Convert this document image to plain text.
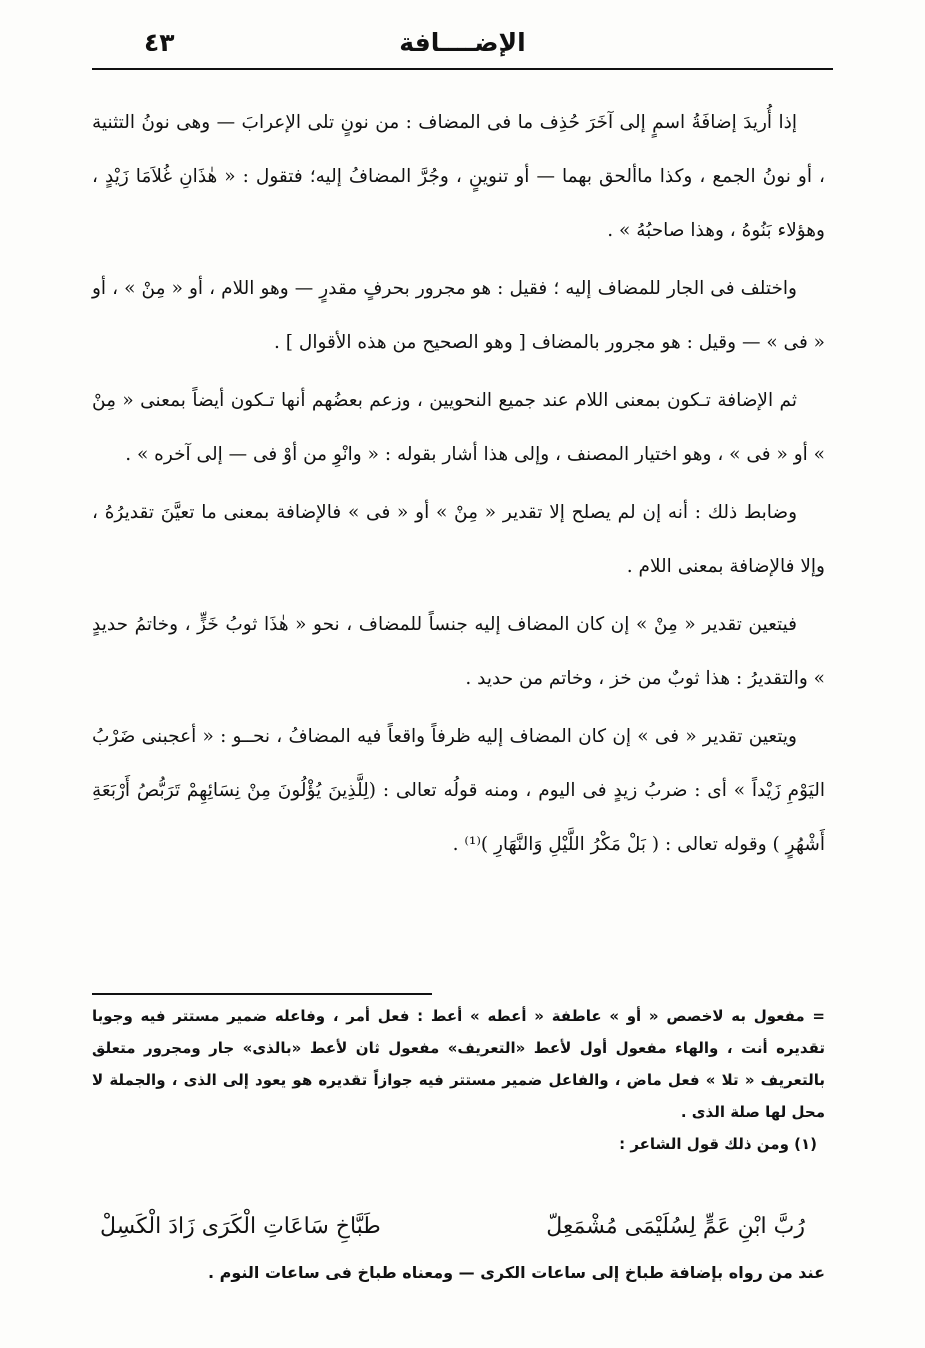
٤٣	الإضــــافة

إذا أُريدَ إضافَةُ اسمٍ إلى آخَرَ حُذِف ما فى المضاف : من نونٍ تلى الإعرابَ — وهى نونُ التثنية ، أو نونُ الجمع ، وكذا ماألحق بهما — أو تنوينٍ ، وجُرَّ المضافُ إليه؛ فتقول : « هٰذَانِ غُلاَمَا زَيْدٍ ، وهؤلاء بَنُوهُ ، وهذا صاحبُهُ » .

واختلف فى الجار للمضاف إليه ؛ فقيل : هو مجرور بحرفٍ مقدرٍ — وهو اللام ، أو « مِنْ » ، أو « فى » — وقيل : هو مجرور بالمضاف [ وهو الصحيح من هذه الأقوال ] .

ثم الإضافة تـكون بمعنى اللام عند جميع النحويين ، وزعم بعضُهم أنها تـكون أيضاً بمعنى « مِنْ » أو « فى » ، وهو اختيار المصنف ، وإلى هذا أشار بقوله : « وانْوِ من أوْ فى — إلى آخره » .

وضابط ذلك : أنه إن لم يصلح إلا تقدير « مِنْ » أو « فى » فالإضافة بمعنى ما تعيَّنَ تقديرُهُ ، وإلا فالإضافة بمعنى اللام .

فيتعين تقدير « مِنْ » إن كان المضاف إليه جنساً للمضاف ، نحو « هٰذَا ثوبُ خَزٍّ ، وخاتمُ حديدٍ » والتقديرُ : هذا ثوبٌ من خز ، وخاتم من حديد .

ويتعين تقدير « فى » إن كان المضاف إليه ظرفاً واقعاً فيه المضافُ ، نحــو : « أعجبنى ضَرْبُ اليَوْمِ زَيْداً » أى : ضربُ زيدٍ فى اليوم ، ومنه قولُه تعالى : (لِلَّذِينَ يُؤْلُونَ مِنْ نِسَائِهِمْ تَرَبُّصُ أَرْبَعَةِ أَشْهُرٍ ) وقوله تعالى : ( بَلْ مَكْرُ اللَّيْلِ وَالنَّهَارِ )⁽¹⁾ .

= مفعول به لاخصص « أو » عاطفة « أعطه » أعط : فعل أمر ، وفاعله ضمير مستتر فيه وجوبا تقديره أنت ، والهاء مفعول أول لأعط «التعريف» مفعول ثان لأعط «بالذى» جار ومجرور متعلق بالتعريف « تلا » فعل ماض ، والفاعل ضمير مستتر فيه جوازاً تقديره هو يعود إلى الذى ، والجملة لا محل لها صلة الذى .

(١) ومن ذلك قول الشاعر :

رُبَّ ابْنِ عَمٍّ لِسُلَيْمَى مُشْمَعِلّ
طَبَّاخِ سَاعَاتِ الْكَرَى زَادَ الْكَسِلْ
عند من رواه بإضافة طباخ إلى ساعات الكرى — ومعناه طباخ فى ساعات النوم .
